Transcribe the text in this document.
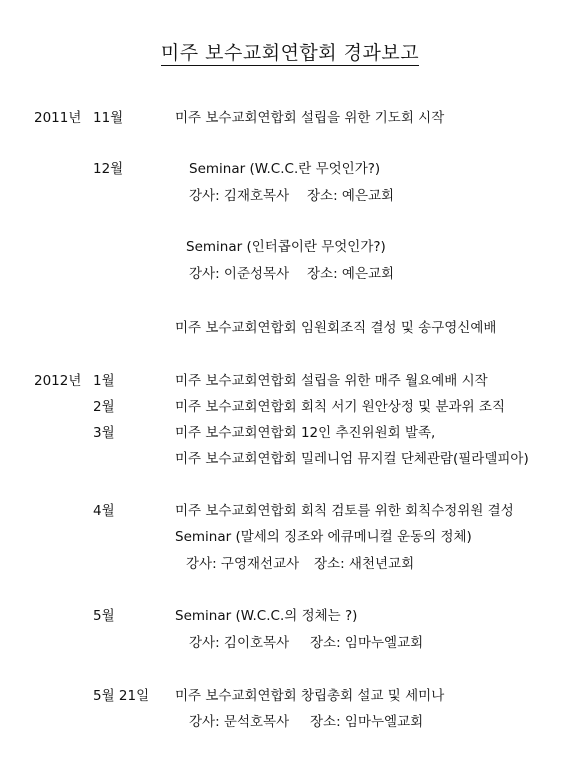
미주 보수교회연합회 경과보고
2011년 11월	미주 보수교회연합회 설립을 위한 기도회 시작
12월	Seminar (W.C.C.란 무엇인가?)
강사: 김재호목사 장소: 예은교회
Seminar (인터콥이란 무엇인가?)
강사: 이준성목사 장소: 예은교회
미주 보수교회연합회 임원회조직 결성 및 송구영신예배
2012년 1월	미주 보수교회연합회 설립을 위한 매주 월요예배 시작
2월	미주 보수교회연합회 회칙 서기 원안상정 및 분과위 조직
3월	미주 보수교회연합회 12인 추진위원회 발족,
미주 보수교회연합회 밀레니엄 뮤지컬 단체관람(필라델피아)
4월	미주 보수교회연합회 회칙 검토를 위한 회칙수정위원 결성
Seminar (말세의 징조와 에큐메니컬 운동의 정체)
강사: 구영재선교사 장소: 새천년교회
5월	Seminar (W.C.C.의 정체는 ?)
강사: 김이호목사 장소: 임마누엘교회
5월 21일 미주 보수교회연합회 창립총회 설교 및 세미나
강사: 문석호목사 장소: 임마누엘교회
